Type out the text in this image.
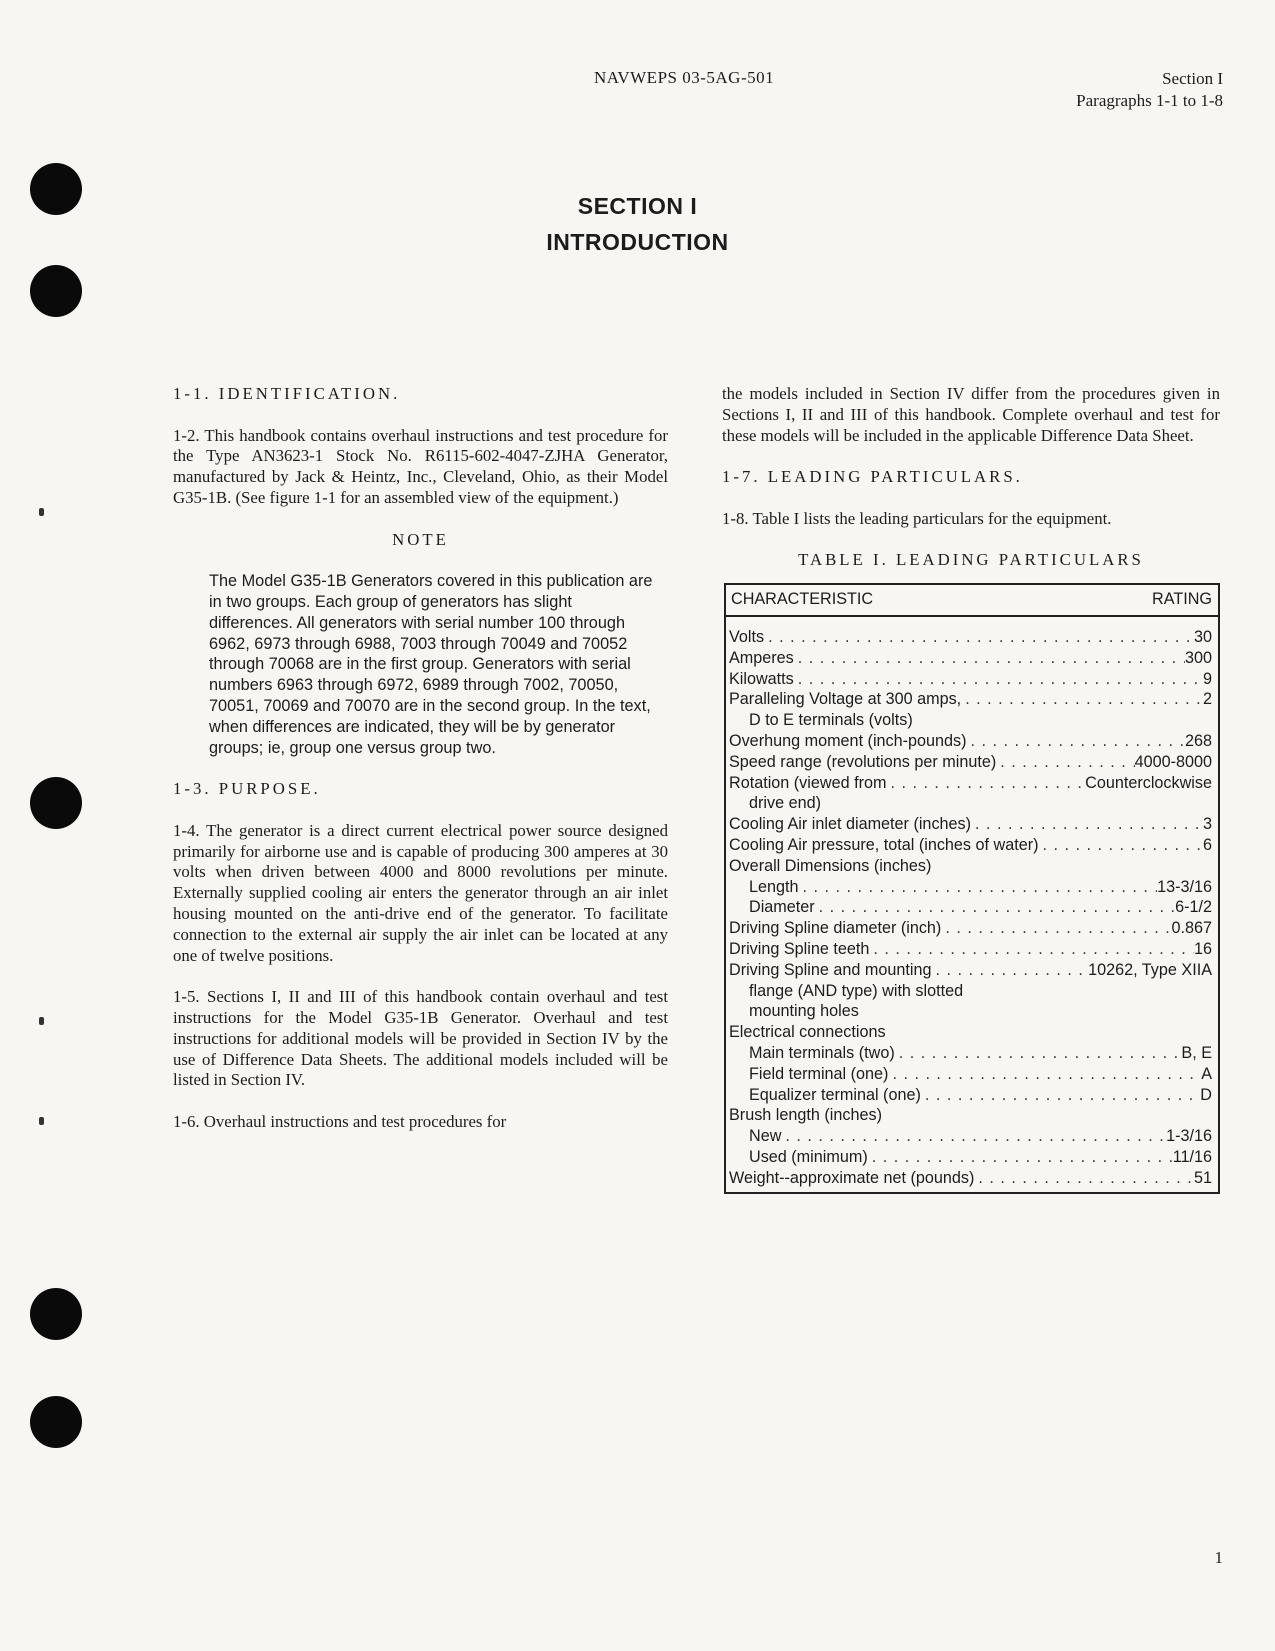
NAVWEPS 03-5AG-501	Section I
Paragraphs 1-1 to 1-8
SECTION I
INTRODUCTION
1-1. IDENTIFICATION.

1-2. This handbook contains overhaul instructions and test procedure for the Type AN3623-1 Stock No. R6115-602-4047-ZJHA Generator, manufactured by Jack & Heintz, Inc., Cleveland, Ohio, as their Model G35-1B. (See figure 1-1 for an assembled view of the equipment.)

NOTE
The Model G35-1B Generators covered in this publication are in two groups. Each group of generators has slight differences. All generators with serial number 100 through 6962, 6973 through 6988, 7003 through 70049 and 70052 through 70068 are in the first group. Generators with serial numbers 6963 through 6972, 6989 through 7002, 70050, 70051, 70069 and 70070 are in the second group. In the text, when differences are indicated, they will be by generator groups; ie, group one versus group two.
1-3. PURPOSE.

1-4. The generator is a direct current electrical power source designed primarily for airborne use and is capable of producing 300 amperes at 30 volts when driven between 4000 and 8000 revolutions per minute. Externally supplied cooling air enters the generator through an air inlet housing mounted on the anti-drive end of the generator. To facilitate connection to the external air supply the air inlet can be located at any one of twelve positions.

1-5. Sections I, II and III of this handbook contain overhaul and test instructions for the Model G35-1B Generator. Overhaul and test instructions for additional models will be provided in Section IV by the use of Difference Data Sheets. The additional models included will be listed in Section IV.

1-6. Overhaul instructions and test procedures for

the models included in Section IV differ from the procedures given in Sections I, II and III of this handbook. Complete overhaul and test for these models will be included in the applicable Difference Data Sheet.

1-7. LEADING PARTICULARS.

1-8. Table I lists the leading particulars for the equipment.

TABLE I. LEADING PARTICULARS
CHARACTERISTIC	RATING
Volts . . .	30
Amperes . . .	300
Kilowatts . . .	9
Paralleling Voltage at 300 amps, . . .	2
D to E terminals (volts)
Overhung moment (inch-pounds) . . .	268
Speed range (revolutions per minute) . . .	4000-8000
Rotation (viewed from . . .	Counterclockwise
drive end)
Cooling Air inlet diameter (inches) . . .	3
Cooling Air pressure, total (inches of water) . . .	6
Overall Dimensions (inches)
Length . . .	13-3/16
Diameter . . .	6-1/2
Driving Spline diameter (inch) . . .	0.867
Driving Spline teeth . . .	16
Driving Spline and mounting . . .	10262, Type XIIA
flange (AND type) with slotted
mounting holes
Electrical connections
Main terminals (two) . . .	B, E
Field terminal (one) . . .	A
Equalizer terminal (one) . . .	D
Brush length (inches)
New . . .	1-3/16
Used (minimum) . . .	11/16
Weight--approximate net (pounds) . . .	51
1
